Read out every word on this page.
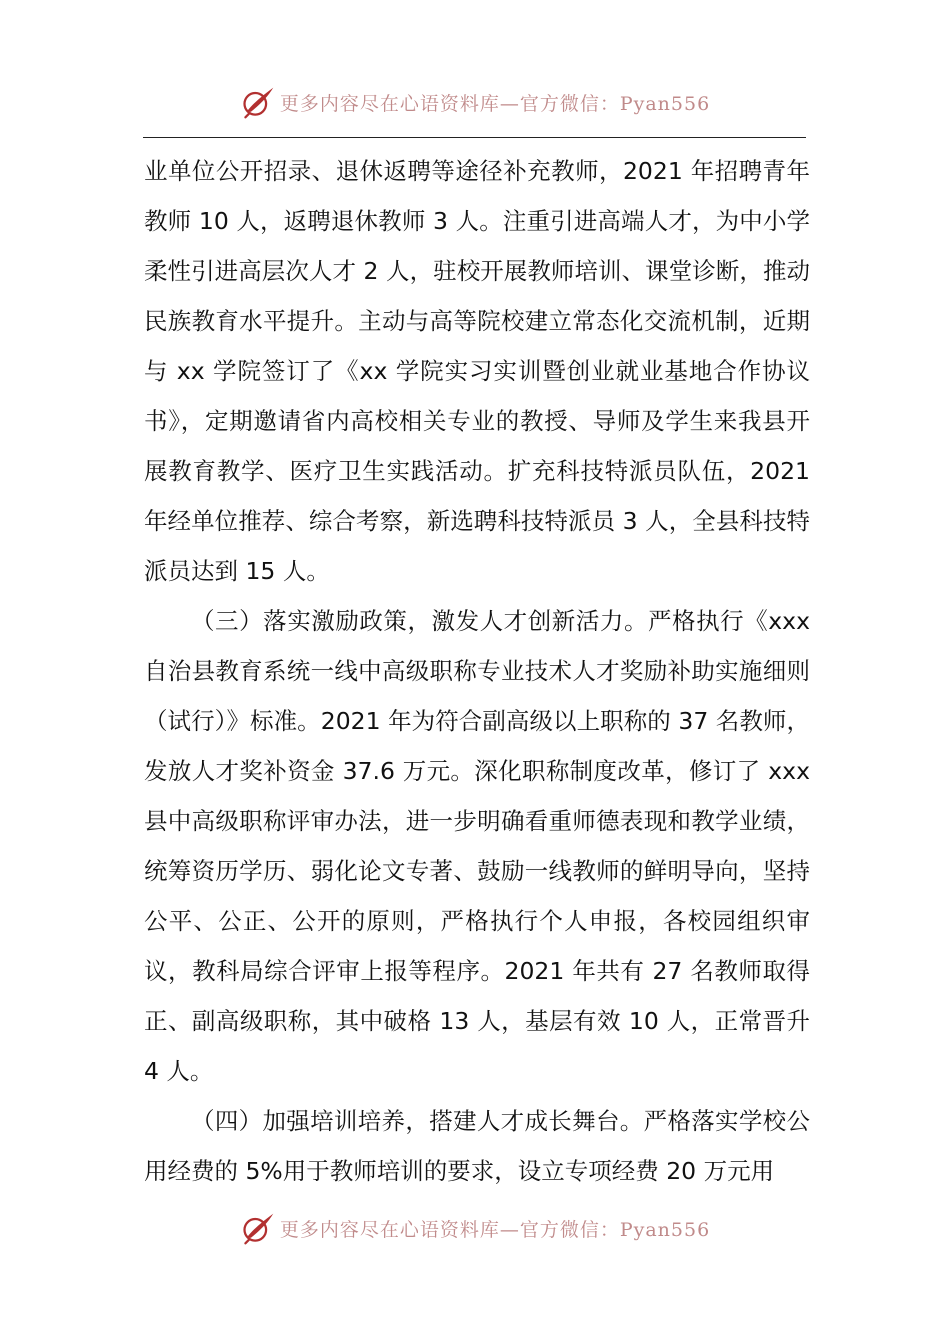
更多内容尽在心语资料库—官方微信：Pyan556

业单位公开招录、退休返聘等途径补充教师，2021 年招聘青年教师 10 人，返聘退休教师 3 人。注重引进高端人才，为中小学柔性引进高层次人才 2 人，驻校开展教师培训、课堂诊断，推动民族教育水平提升。主动与高等院校建立常态化交流机制，近期与 xx 学院签订了《xx 学院实习实训暨创业就业基地合作协议书》，定期邀请省内高校相关专业的教授、导师及学生来我县开展教育教学、医疗卫生实践活动。扩充科技特派员队伍，2021 年经单位推荐、综合考察，新选聘科技特派员 3 人，全县科技特派员达到 15 人。

（三）落实激励政策，激发人才创新活力。严格执行《xxx自治县教育系统一线中高级职称专业技术人才奖励补助实施细则（试行）》标准。2021 年为符合副高级以上职称的 37 名教师，发放人才奖补资金 37.6 万元。深化职称制度改革，修订了 xxx 县中高级职称评审办法，进一步明确看重师德表现和教学业绩，统筹资历学历、弱化论文专著、鼓励一线教师的鲜明导向，坚持公平、公正、公开的原则，严格执行个人申报，各校园组织审议，教科局综合评审上报等程序。2021 年共有 27 名教师取得正、副高级职称，其中破格 13 人，基层有效 10 人，正常晋升 4 人。

（四）加强培训培养，搭建人才成长舞台。严格落实学校公用经费的 5%用于教师培训的要求，设立专项经费 20 万元用

更多内容尽在心语资料库—官方微信：Pyan556
